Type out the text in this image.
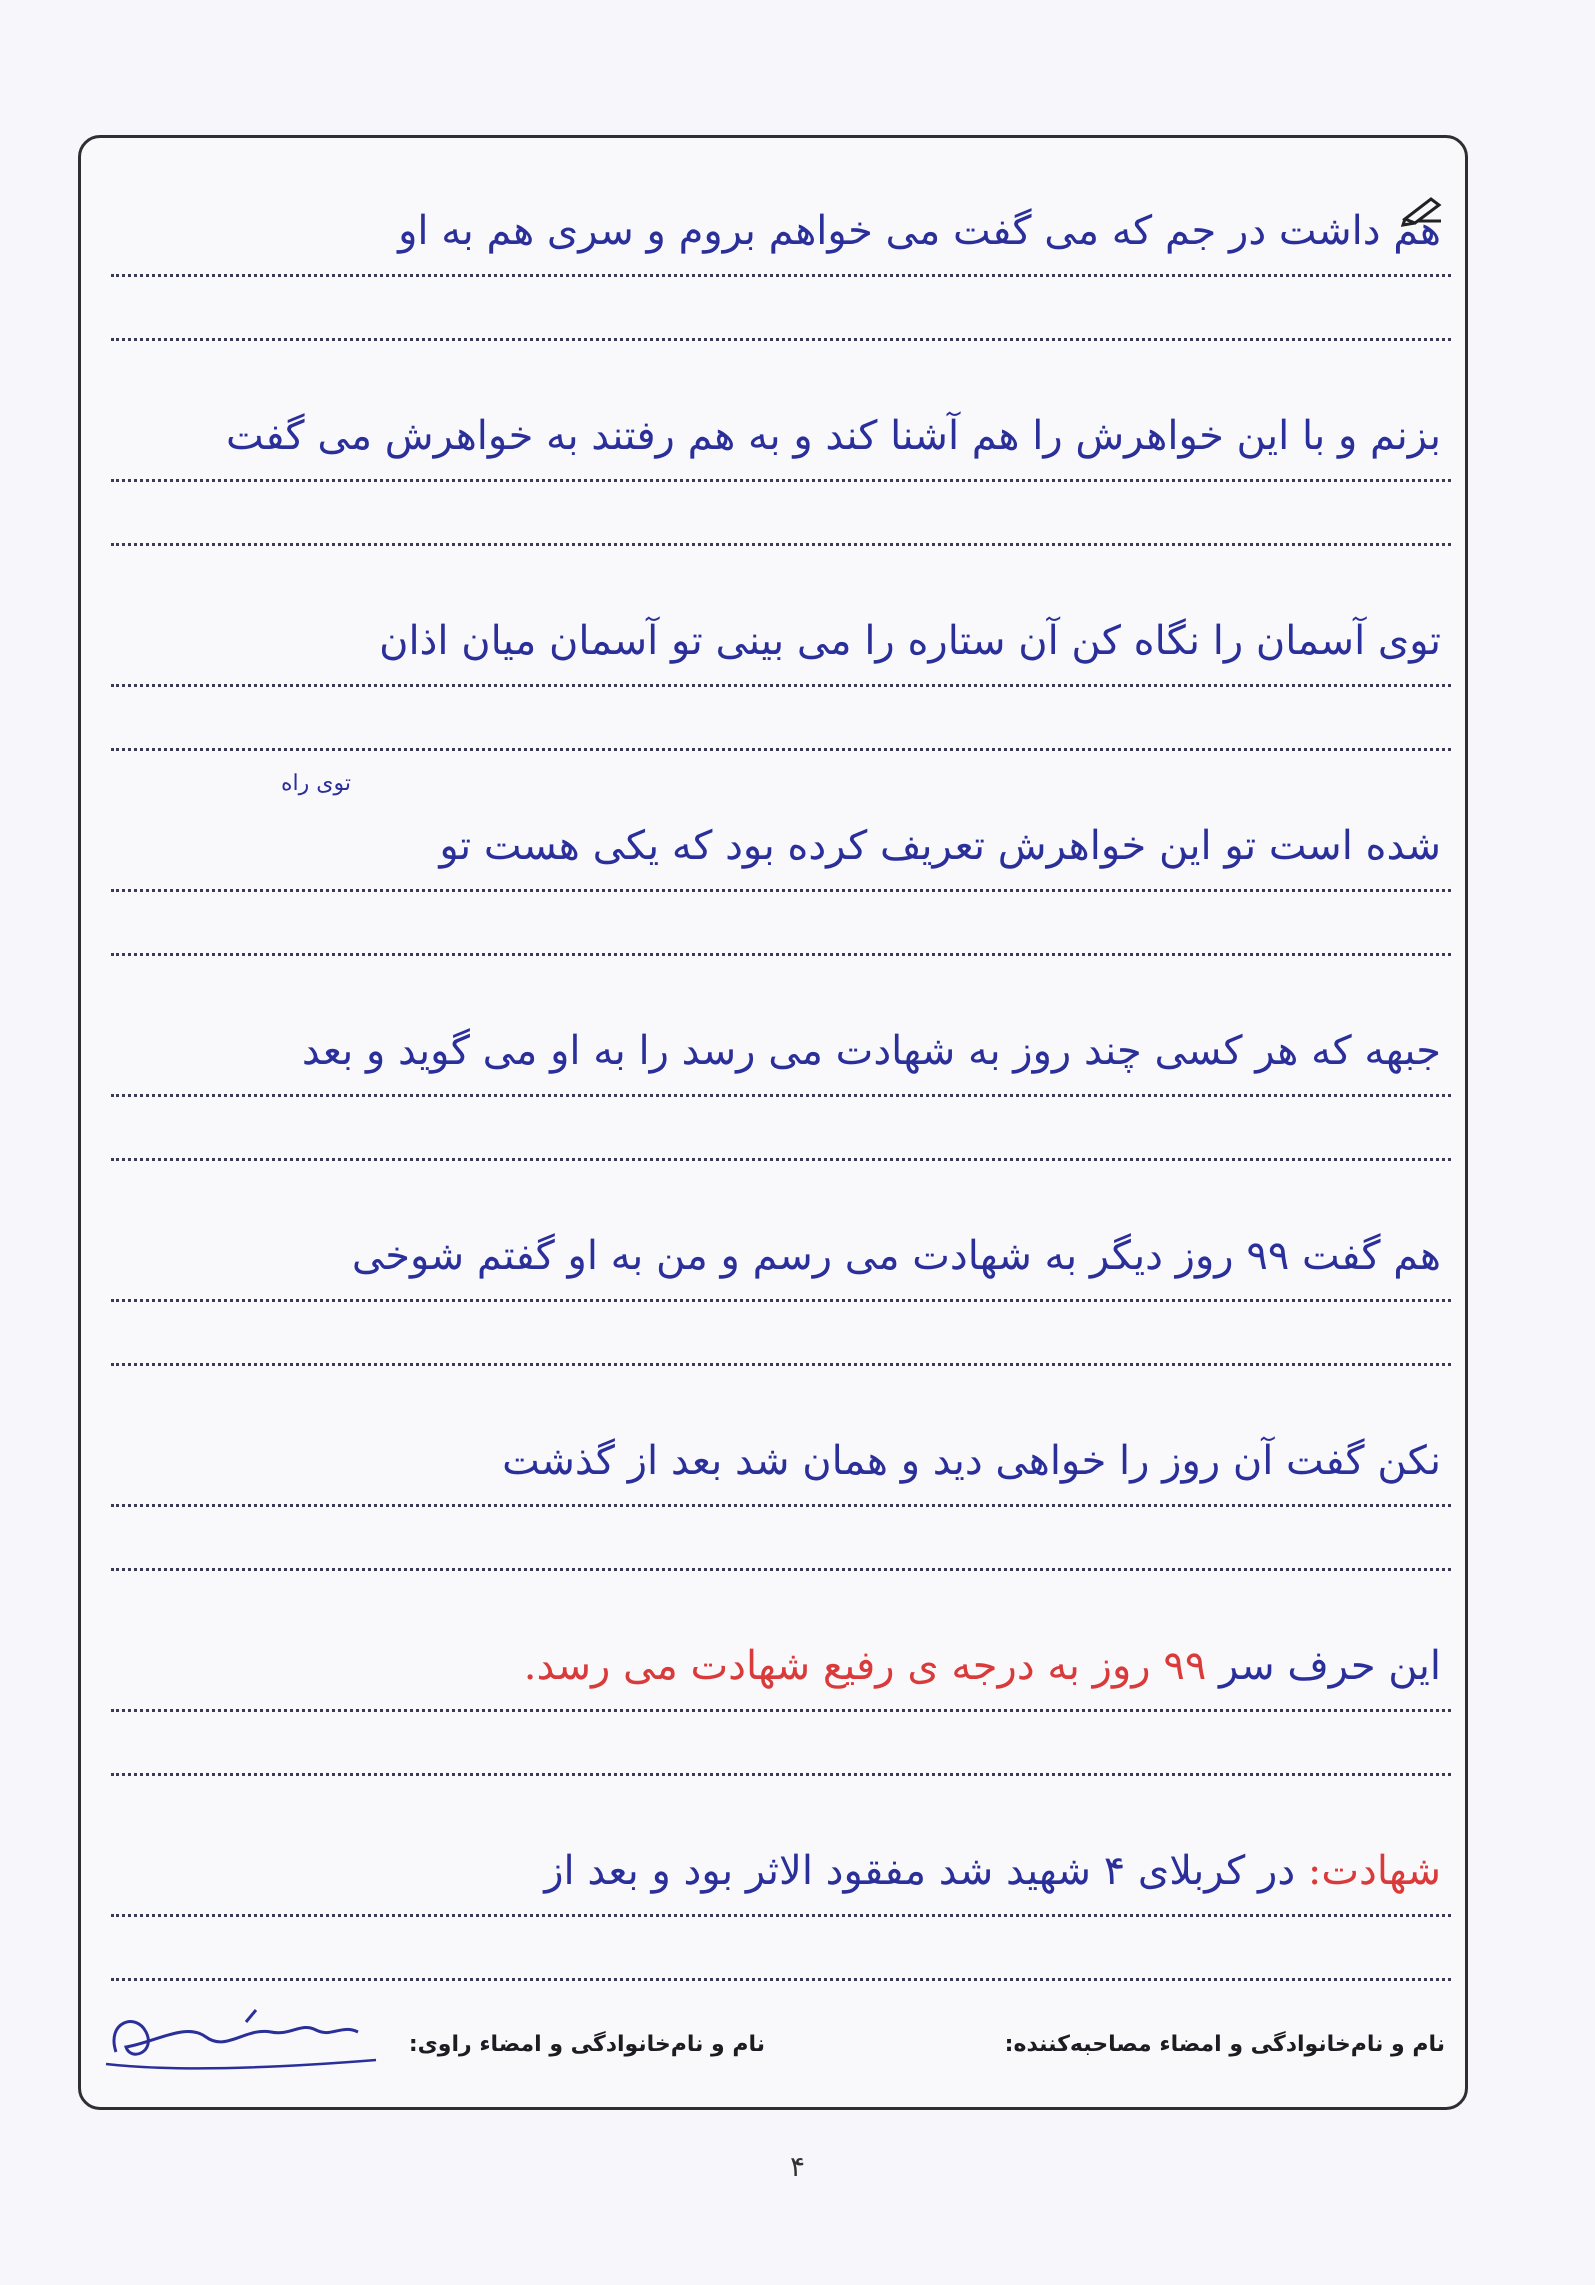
هم داشت در جم که می گفت می خواهم بروم و سری هم به او
بزنم و با این خواهرش را هم آشنا کند و به هم رفتند به خواهرش می گفت
توی آسمان را نگاه کن آن ستاره را می بینی تو آسمان میان اذان
توی راه
شده است تو این خواهرش تعریف کرده بود که یکی هست تو
جبهه که هر کسی چند روز به شهادت می رسد را به او می گوید و بعد
هم گفت ۹۹ روز دیگر به شهادت می رسم و من به او گفتم شوخی
نکن گفت آن روز را خواهی دید و همان شد بعد از گذشت
این حرف سر ۹۹ روز به درجه ی رفیع شهادت می رسد.
شهادت: در کربلای ۴ شهید شد مفقود الاثر بود و بعد از
نام و نام‌خانوادگی و امضاء مصاحبه‌کننده:
نام و نام‌خانوادگی و امضاء راوی:
۴
